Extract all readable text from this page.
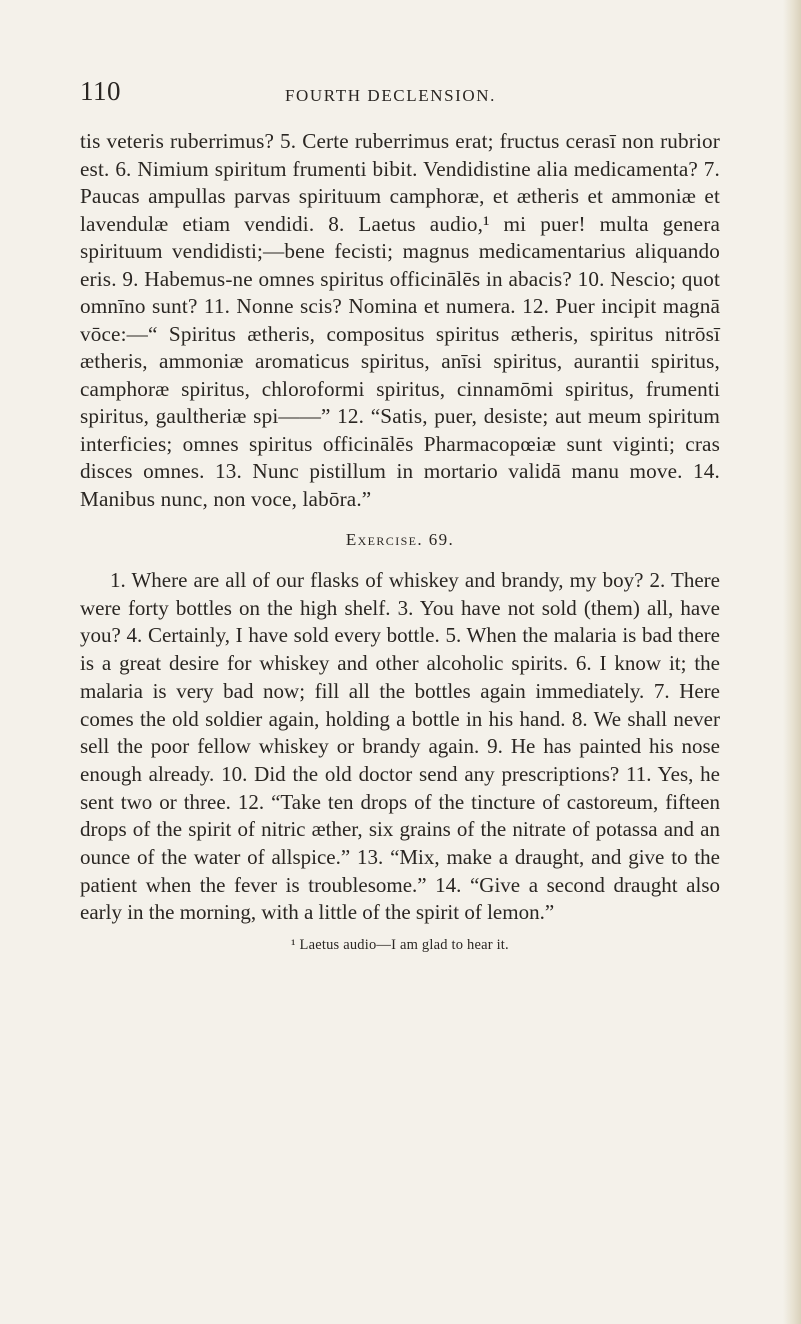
110	FOURTH DECLENSION.

tis veteris ruberrimus? 5. Certe ruberrimus erat; fructus cerasī non rubrior est. 6. Nimium spiritum frumenti bibit. Vendidistine alia medicamenta? 7. Paucas ampullas parvas spirituum camphoræ, et ætheris et ammoniæ et lavendulæ etiam vendidi. 8. Laetus audio,¹ mi puer! multa genera spirituum vendidisti;—bene fecisti; magnus medicamentarius aliquando eris. 9. Habemus-ne omnes spiritus officinālēs in abacis? 10. Nescio; quot omnīno sunt? 11. Nonne scis? Nomina et numera. 12. Puer incipit magnā vōce:—“ Spiritus ætheris, compositus spiritus ætheris, spiritus nitrōsī ætheris, ammoniæ aromaticus spiritus, anīsi spiritus, aurantii spiritus, camphoræ spiritus, chloroformi spiritus, cinnamōmi spiritus, frumenti spiritus, gaultheriæ spi——” 12. “Satis, puer, desiste; aut meum spiritum interficies; omnes spiritus officinālēs Pharmacopœiæ sunt viginti; cras disces omnes. 13. Nunc pistillum in mortario validā manu move. 14. Manibus nunc, non voce, labōra.”

Exercise. 69.

1. Where are all of our flasks of whiskey and brandy, my boy? 2. There were forty bottles on the high shelf. 3. You have not sold (them) all, have you? 4. Certainly, I have sold every bottle. 5. When the malaria is bad there is a great desire for whiskey and other alcoholic spirits. 6. I know it; the malaria is very bad now; fill all the bottles again immediately. 7. Here comes the old soldier again, holding a bottle in his hand. 8. We shall never sell the poor fellow whiskey or brandy again. 9. He has painted his nose enough already. 10. Did the old doctor send any prescriptions? 11. Yes, he sent two or three. 12. “Take ten drops of the tincture of castoreum, fifteen drops of the spirit of nitric æther, six grains of the nitrate of potassa and an ounce of the water of allspice.” 13. “Mix, make a draught, and give to the patient when the fever is troublesome.” 14. “Give a second draught also early in the morning, with a little of the spirit of lemon.”

¹ Laetus audio—I am glad to hear it.
